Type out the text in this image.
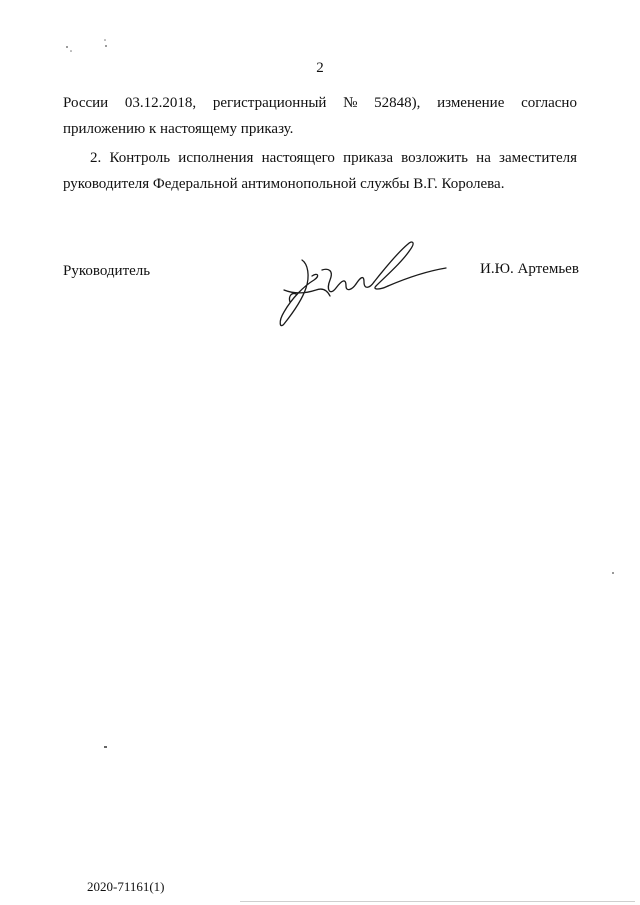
2
России 03.12.2018, регистрационный № 52848), изменение согласно
приложению к настоящему приказу.

2. Контроль исполнения настоящего приказа возложить на заместителя руководителя Федеральной антимонопольной службы В.Г. Королева.

Руководитель	И.Ю. Артемьев
2020-71161(1)
